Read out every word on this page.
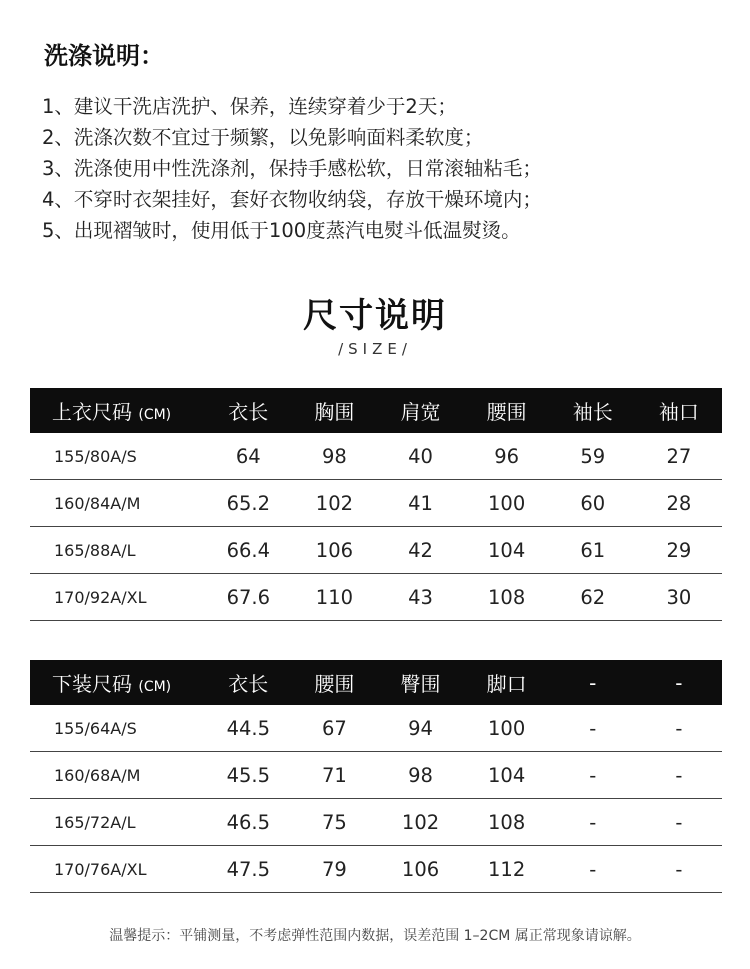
洗涤说明：
1、建议干洗店洗护、保养，连续穿着少于2天；
2、洗涤次数不宜过于频繁，以免影响面料柔软度；
3、洗涤使用中性洗涤剂，保持手感松软，日常滚轴粘毛；
4、不穿时衣架挂好，套好衣物收纳袋，存放干燥环境内；
5、出现褶皱时，使用低于100度蒸汽电熨斗低温熨烫。
尺寸说明
/SIZE/
上衣尺码 (CM)	衣长	胸围	肩宽	腰围	袖长	袖口
155/80A/S	64	98	40	96	59	27
160/84A/M	65.2	102	41	100	60	28
165/88A/L	66.4	106	42	104	61	29
170/92A/XL	67.6	110	43	108	62	30
下装尺码 (CM)	衣长	腰围	臀围	脚口	-	-
155/64A/S	44.5	67	94	100	-	-
160/68A/M	45.5	71	98	104	-	-
165/72A/L	46.5	75	102	108	-	-
170/76A/XL	47.5	79	106	112	-	-
温馨提示：平铺测量，不考虑弹性范围内数据，误差范围 1–2CM 属正常现象请谅解。
